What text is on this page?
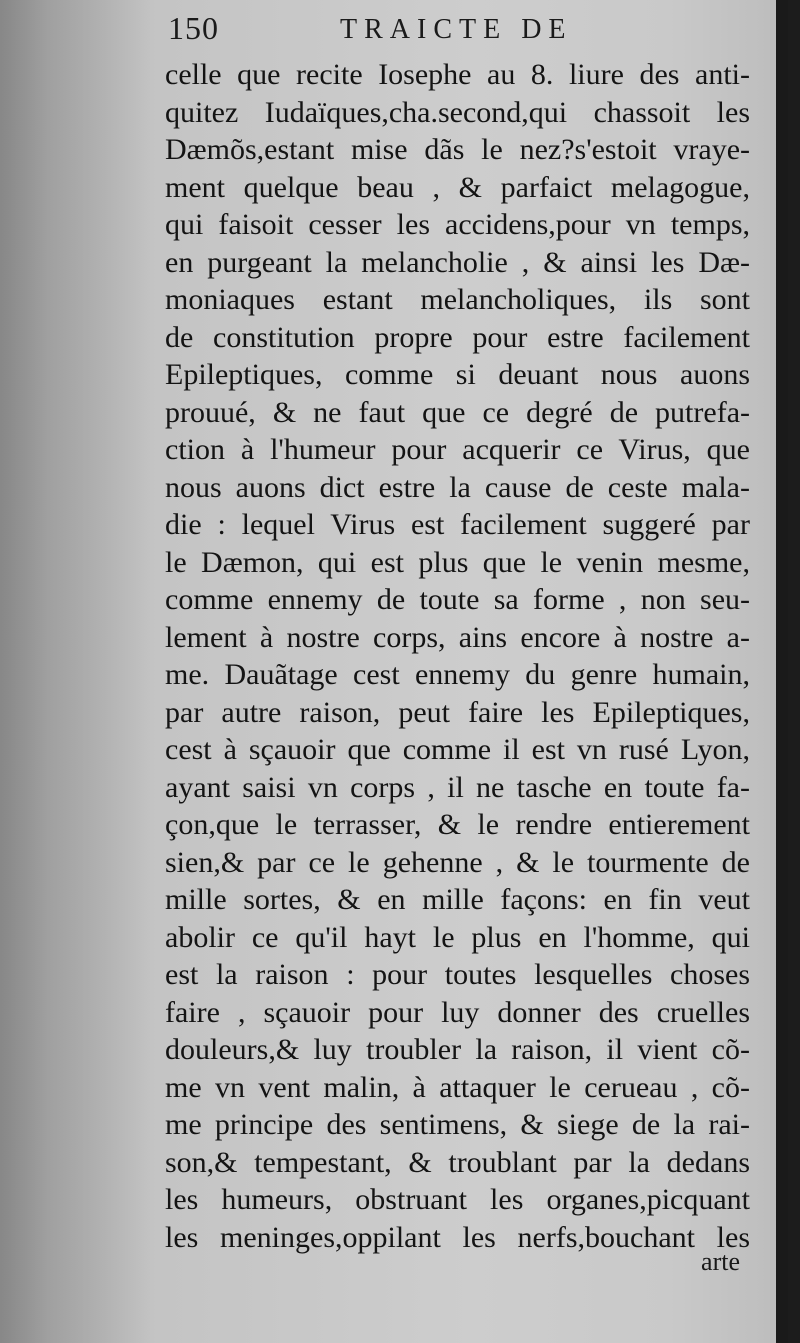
150	TRAICTE DE
celle que recite Iosephe au 8. liure des anti-
quitez Iudaïques,cha.second,qui chassoit les
Dæmõs,estant mise dãs le nez?s'estoit vraye-
ment quelque beau , & parfaict melagogue,
qui faisoit cesser les accidens,pour vn temps,
en purgeant la melancholie , & ainsi les Dæ-
moniaques estant melancholiques, ils sont
de constitution propre pour estre facilement
Epileptiques, comme si deuant nous auons
prouué, & ne faut que ce degré de putrefa-
ction à l'humeur pour acquerir ce Virus, que
nous auons dict estre la cause de ceste mala-
die : lequel Virus est facilement suggeré par
le Dæmon, qui est plus que le venin mesme,
comme ennemy de toute sa forme , non seu-
lement à nostre corps, ains encore à nostre a-
me. Dauãtage cest ennemy du genre humain,
par autre raison, peut faire les Epileptiques,
cest à sçauoir que comme il est vn rusé Lyon,
ayant saisi vn corps , il ne tasche en toute fa-
çon,que le terrasser, & le rendre entierement
sien,& par ce le gehenne , & le tourmente de
mille sortes, & en mille façons: en fin veut
abolir ce qu'il hayt le plus en l'homme, qui
est la raison : pour toutes lesquelles choses
faire , sçauoir pour luy donner des cruelles
douleurs,& luy troubler la raison, il vient cõ-
me vn vent malin, à attaquer le cerueau , cõ-
me principe des sentimens, & siege de la rai-
son,& tempestant, & troublant par la dedans
les humeurs, obstruant les organes,picquant
les meninges,oppilant les nerfs,bouchant les
arte
